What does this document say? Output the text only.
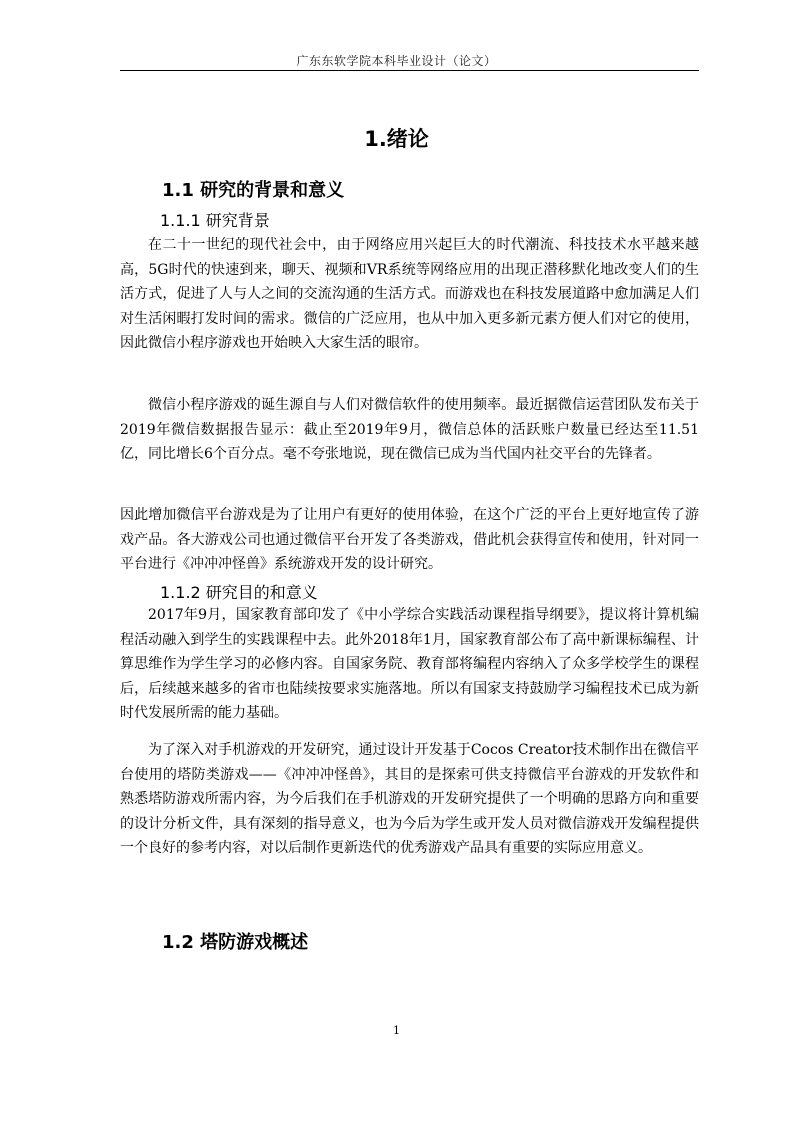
广东东软学院本科毕业设计（论文）
1.绪论
1.1 研究的背景和意义
1.1.1 研究背景

在二十一世纪的现代社会中，由于网络应用兴起巨大的时代潮流、科技技术水平越来越高，5G时代的快速到来，聊天、视频和VR系统等网络应用的出现正潜移默化地改变人们的生活方式，促进了人与人之间的交流沟通的生活方式。而游戏也在科技发展道路中愈加满足人们对生活闲暇打发时间的需求。微信的广泛应用，也从中加入更多新元素方便人们对它的使用，因此微信小程序游戏也开始映入大家生活的眼帘。

微信小程序游戏的诞生源自与人们对微信软件的使用频率。最近据微信运营团队发布关于2019年微信数据报告显示：截止至2019年9月，微信总体的活跃账户数量已经达至11.51亿，同比增长6个百分点。毫不夸张地说，现在微信已成为当代国内社交平台的先锋者。

因此增加微信平台游戏是为了让用户有更好的使用体验，在这个广泛的平台上更好地宣传了游戏产品。各大游戏公司也通过微信平台开发了各类游戏，借此机会获得宣传和使用，针对同一平台进行《冲冲冲怪兽》系统游戏开发的设计研究。

1.1.2 研究目的和意义

2017年9月，国家教育部印发了《中小学综合实践活动课程指导纲要》，提议将计算机编程活动融入到学生的实践课程中去。此外2018年1月，国家教育部公布了高中新课标编程、计算思维作为学生学习的必修内容。自国家务院、教育部将编程内容纳入了众多学校学生的课程后，后续越来越多的省市也陆续按要求实施落地。所以有国家支持鼓励学习编程技术已成为新时代发展所需的能力基础。

为了深入对手机游戏的开发研究，通过设计开发基于Cocos Creator技术制作出在微信平台使用的塔防类游戏——《冲冲冲怪兽》，其目的是探索可供支持微信平台游戏的开发软件和熟悉塔防游戏所需内容，为今后我们在手机游戏的开发研究提供了一个明确的思路方向和重要的设计分析文件，具有深刻的指导意义，也为今后为学生或开发人员对微信游戏开发编程提供一个良好的参考内容，对以后制作更新迭代的优秀游戏产品具有重要的实际应用意义。

1.2 塔防游戏概述
1
